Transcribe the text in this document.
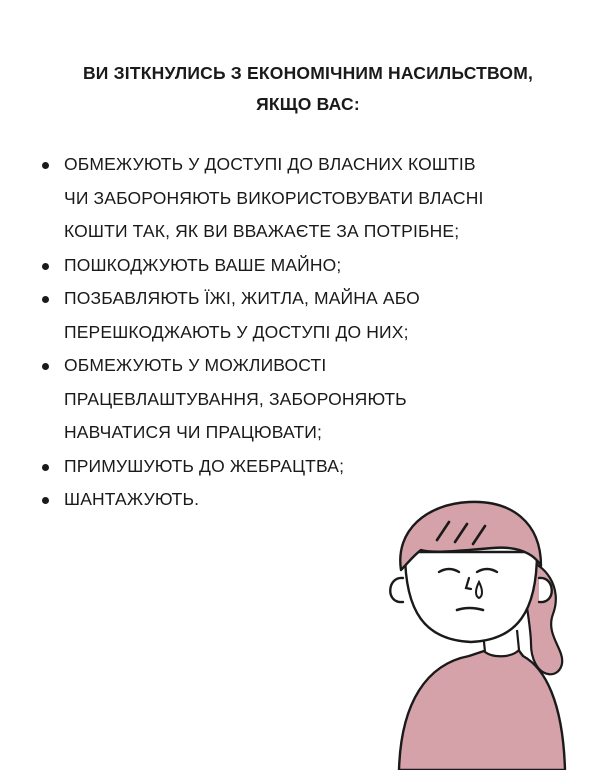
ВИ ЗІТКНУЛИСЬ З ЕКОНОМІЧНИМ НАСИЛЬСТВОМ,
ЯКЩО ВАС:
ОБМЕЖУЮТЬ У ДОСТУПІ ДО ВЛАСНИХ КОШТІВ
ЧИ ЗАБОРОНЯЮТЬ ВИКОРИСТОВУВАТИ ВЛАСНІ
КОШТИ ТАК, ЯК ВИ ВВАЖАЄТЕ ЗА ПОТРІБНЕ;
ПОШКОДЖУЮТЬ ВАШЕ МАЙНО;
ПОЗБАВЛЯЮТЬ ЇЖІ, ЖИТЛА, МАЙНА АБО
ПЕРЕШКОДЖАЮТЬ У ДОСТУПІ ДО НИХ;
ОБМЕЖУЮТЬ У МОЖЛИВОСТІ
ПРАЦЕВЛАШТУВАННЯ, ЗАБОРОНЯЮТЬ
НАВЧАТИСЯ ЧИ ПРАЦЮВАТИ;
ПРИМУШУЮТЬ ДО ЖЕБРАЦТВА;
ШАНТАЖУЮТЬ.
